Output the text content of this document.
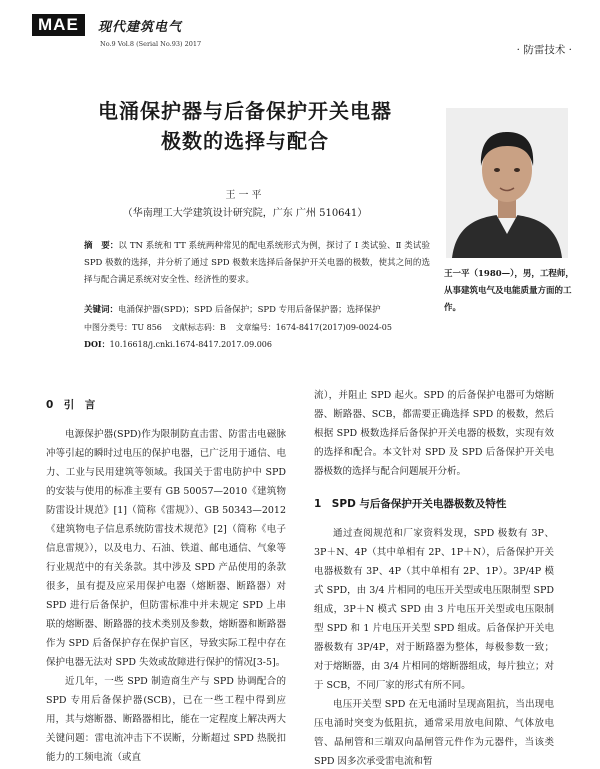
MAE	现代建筑电气
No.9 Vol.8 (Serial No.93) 2017	· 防雷技术 ·
电涌保护器与后备保护开关电器
极数的选择与配合
王一平
（华南理工大学建筑设计研究院，广东 广州 510641）
王一平（1980—），男，工程师，从事建筑电气及电能质量方面的工作。
摘　要：以 TN 系统和 TT 系统两种常见的配电系统形式为例，探讨了 Ⅰ 类试验、Ⅱ 类试验 SPD 极数的选择，并分析了通过 SPD 极数来选择后备保护开关电器的极数，使其之间的选择与配合满足系统对安全性、经济性的要求。
关键词：电涌保护器(SPD)；SPD 后备保护；SPD 专用后备保护器；选择保护
中图分类号：TU 856 文献标志码：B 文章编号：1674-8417(2017)09-0024-05
DOI：10.16618/j.cnki.1674-8417.2017.09.006
0　引　言

电源保护器(SPD)作为限制防直击雷、防雷击电磁脉冲等引起的瞬时过电压的保护电器，已广泛用于通信、电力、工业与民用建筑等领域。我国关于雷电防护中 SPD 的安装与使用的标准主要有 GB 50057—2010《建筑物防雷设计规范》[1]（简称《雷规》）、GB 50343—2012《建筑物电子信息系统防雷技术规范》[2]（简称《电子信息雷规》），以及电力、石油、铁道、邮电通信、气象等行业规范中的有关条款。其中涉及 SPD 产品使用的条款很多，虽有提及应采用保护电器（熔断器、断路器）对 SPD 进行后备保护，但防雷标准中并未规定 SPD 上串联的熔断器、断路器的技术类别及参数，熔断器和断路器作为 SPD 后备保护存在保护盲区，导致实际工程中存在保护电器无法对 SPD 失效或故障进行保护的情况[3-5]。

近几年，一些 SPD 制造商生产与 SPD 协调配合的 SPD 专用后备保护器(SCB)，已在一些工程中得到应用，其与熔断器、断路器相比，能在一定程度上解决两大关键问题：雷电流冲击下不误断，分断超过 SPD 热脱扣能力的工频电流（或直

流），并阻止 SPD 起火。SPD 的后备保护电器可为熔断器、断路器、SCB，都需要正确选择 SPD 的极数，然后根据 SPD 极数选择后备保护开关电器的极数，实现有效的选择和配合。本文针对 SPD 及 SPD 后备保护开关电器极数的选择与配合问题展开分析。

1　SPD 与后备保护开关电器极数及特性

通过查阅规范和厂家资料发现，SPD 极数有 3P、3P＋N、4P（其中单相有 2P、1P＋N），后备保护开关电器极数有 3P、4P（其中单相有 2P、1P）。3P/4P 模式 SPD，由 3/4 片相同的电压开关型或电压限制型 SPD 组成，3P＋N 模式 SPD 由 3 片电压开关型或电压限制型 SPD 和 1 片电压开关型 SPD 组成。后备保护开关电器极数有 3P/4P，对于断路器为整体，每极参数一致；对于熔断器，由 3/4 片相同的熔断器组成，每片独立；对于 SCB，不同厂家的形式有所不同。

电压开关型 SPD 在无电涌时呈现高阻抗，当出现电压电涌时突变为低阻抗，通常采用放电间隙、气体放电管、晶闸管和三端双向晶闸管元件作为元器件，当该类 SPD 因多次承受雷电流和暂
